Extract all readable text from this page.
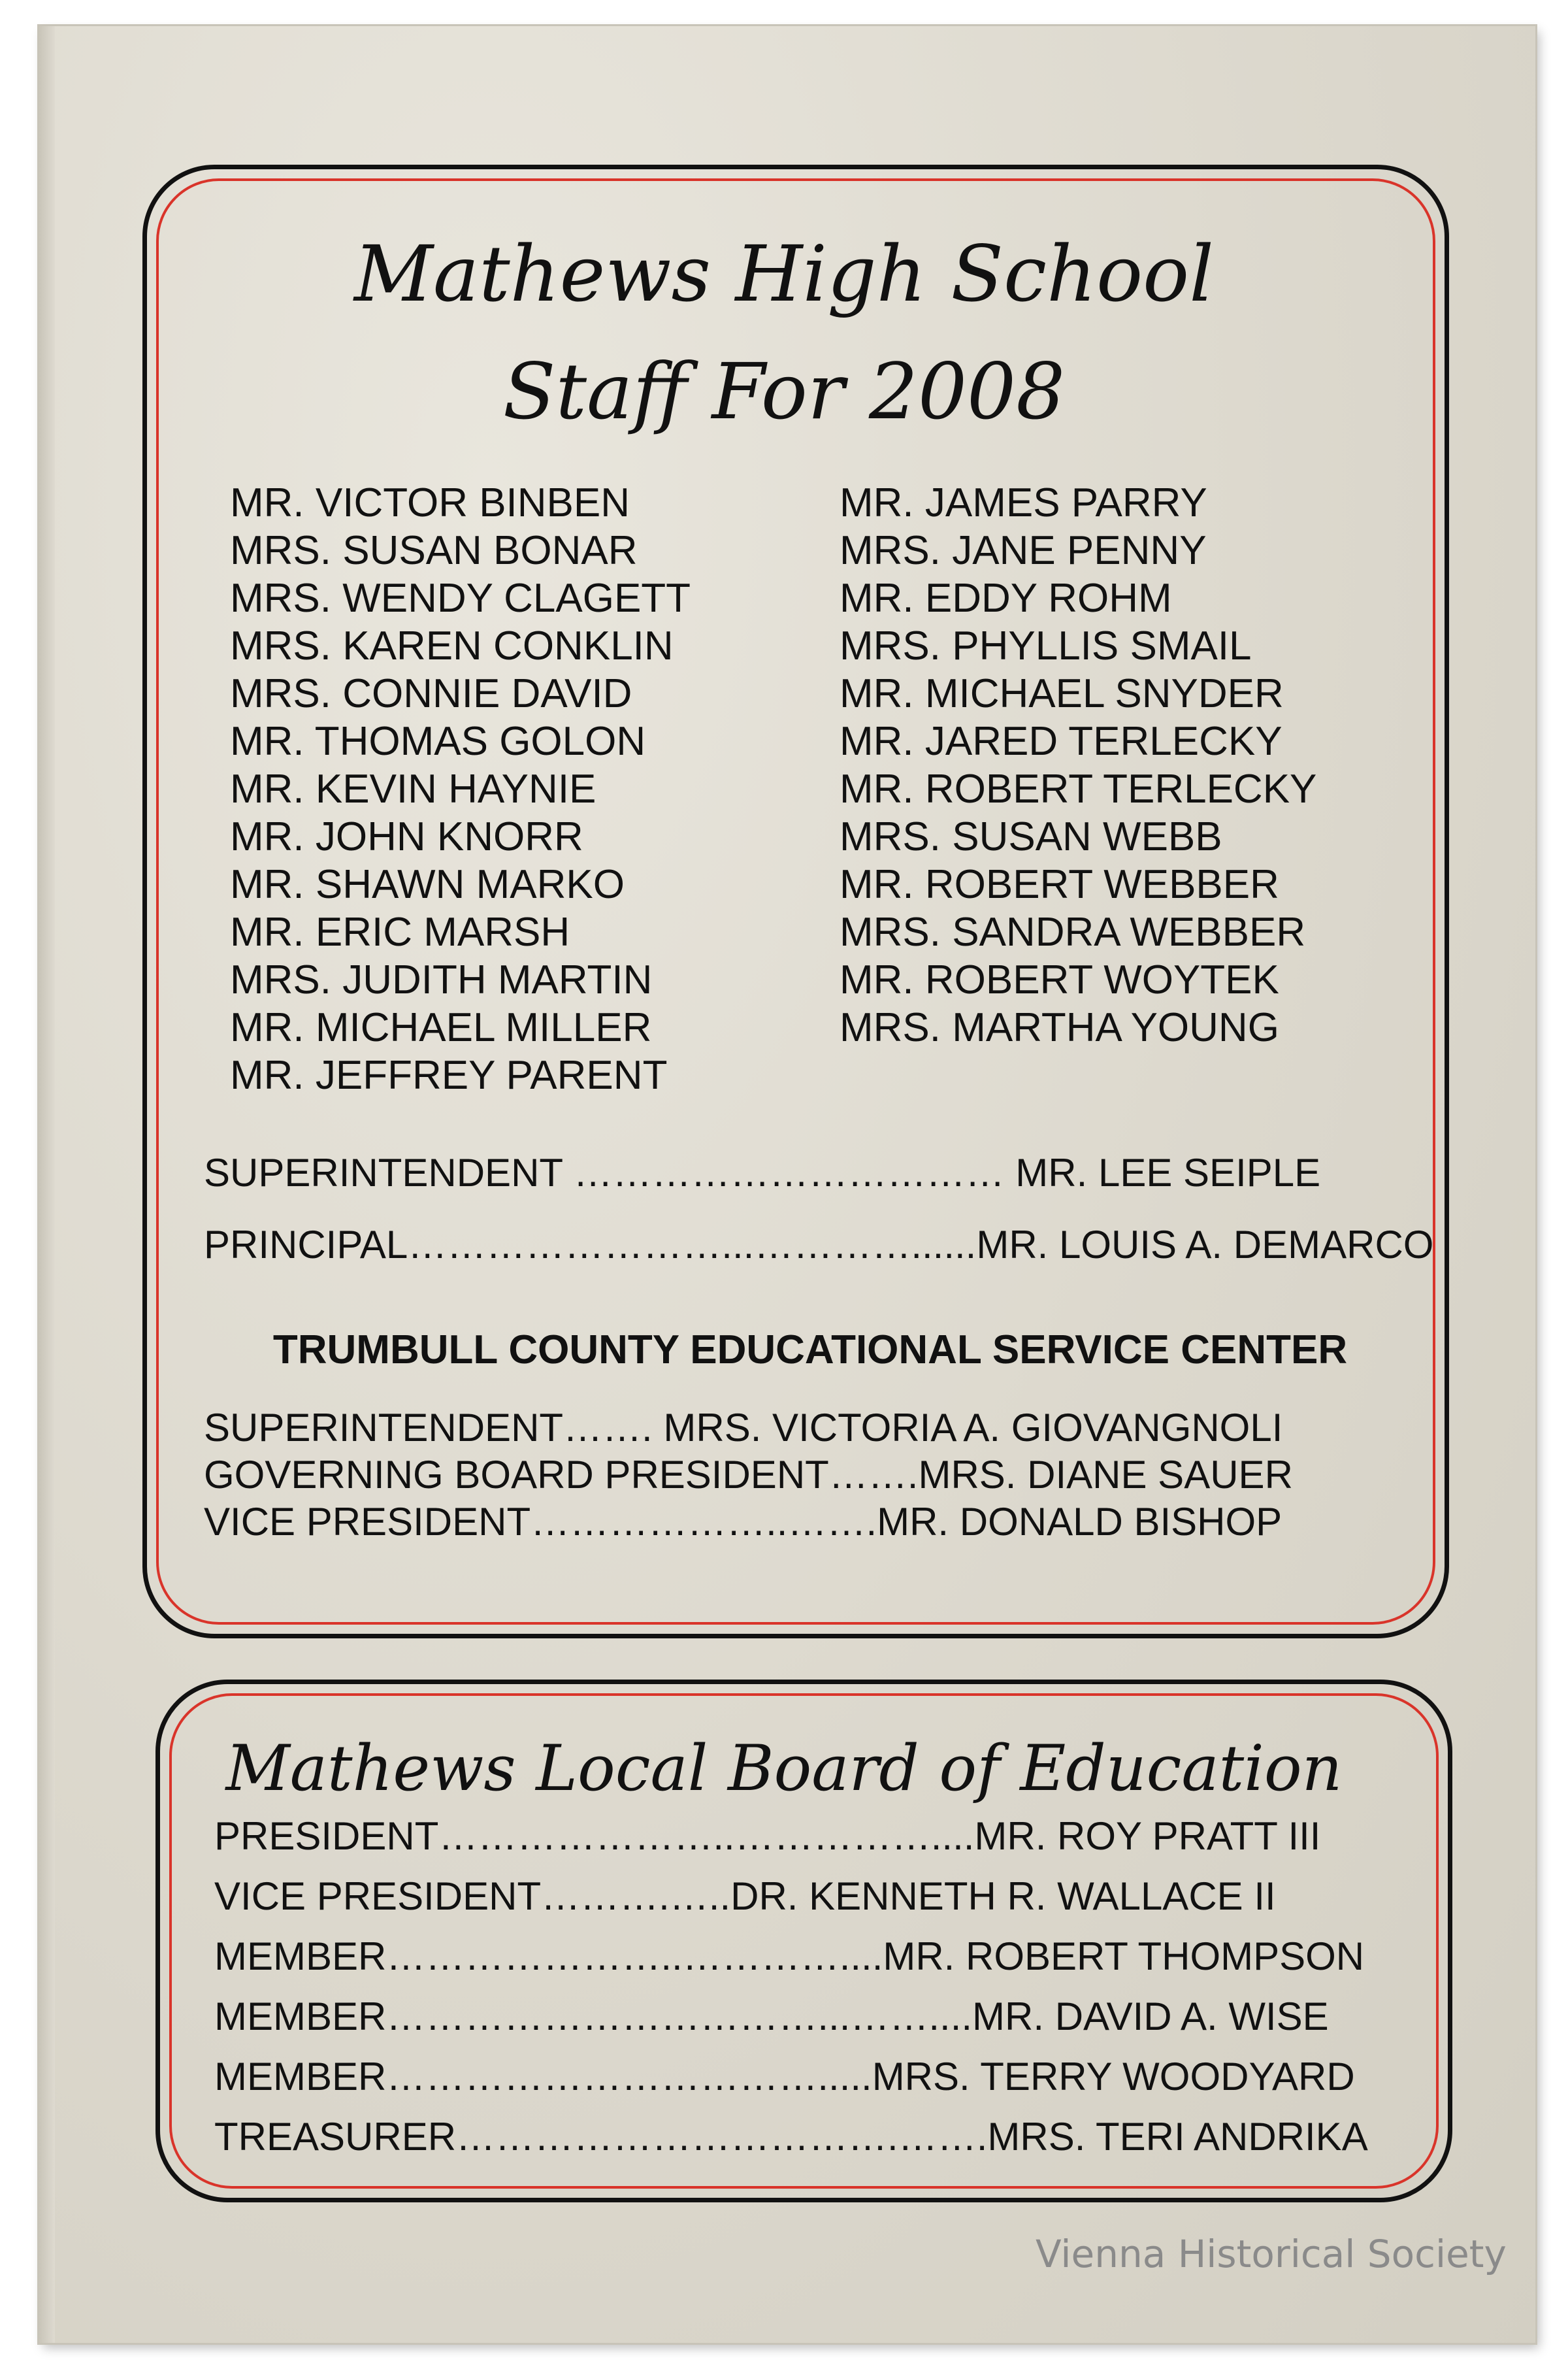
Mathews High School
Staff For 2008
MR. VICTOR BINBEN
MRS. SUSAN BONAR
MRS. WENDY CLAGETT
MRS. KAREN CONKLIN
MRS. CONNIE DAVID
MR. THOMAS GOLON
MR. KEVIN HAYNIE
MR. JOHN KNORR
MR. SHAWN MARKO
MR. ERIC MARSH
MRS. JUDITH MARTIN
MR. MICHAEL MILLER
MR. JEFFREY PARENT
MR. JAMES PARRY
MRS. JANE PENNY
MR. EDDY ROHM
MRS. PHYLLIS SMAIL
MR. MICHAEL SNYDER
MR. JARED TERLECKY
MR. ROBERT TERLECKY
MRS. SUSAN WEBB
MR. ROBERT WEBBER
MRS. SANDRA WEBBER
MR. ROBERT WOYTEK
MRS. MARTHA YOUNG
SUPERINTENDENT …………………………… MR. LEE SEIPLE
PRINCIPAL……………………...…………......MR. LOUIS A. DEMARCO
TRUMBULL COUNTY EDUCATIONAL SERVICE CENTER
SUPERINTENDENT……. MRS. VICTORIA A. GIOVANGNOLI
GOVERNING BOARD PRESIDENT…….MRS. DIANE SAUER
VICE PRESIDENT………………..…….MR. DONALD BISHOP
Mathews Local Board of Education
PRESIDENT…………………..……………....MR. ROY PRATT III
VICE PRESIDENT……….…..DR. KENNETH R. WALLACE II
MEMBER…………………..…………....MR. ROBERT THOMPSON
MEMBER……………………………...……....MR. DAVID A. WISE
MEMBER…………………………….....MRS. TERRY WOODYARD
TREASURER…………………………….…….MRS. TERI ANDRIKA
Vienna Historical Society
